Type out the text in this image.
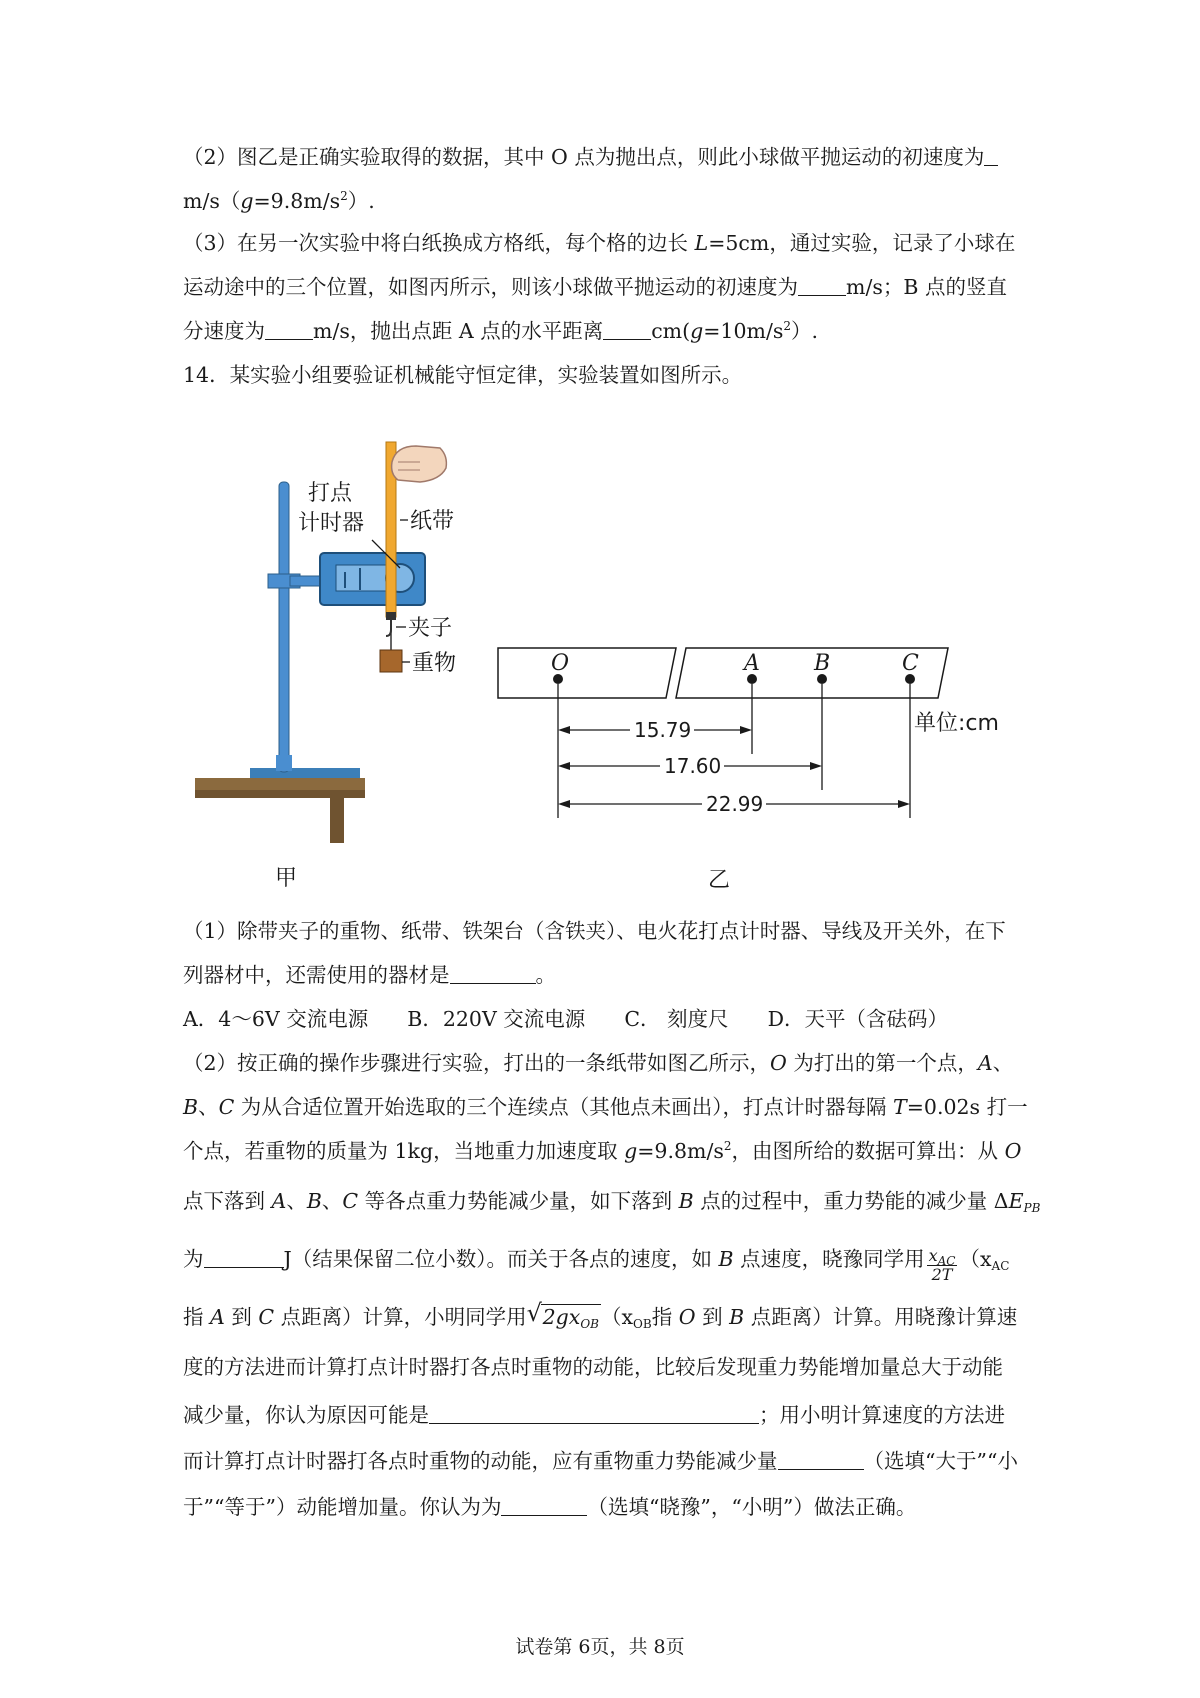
（2）图乙是正确实验取得的数据，其中 O 点为抛出点，则此小球做平抛运动的初速度为
$m/s(g=9.8m/s^2)$.
（3）在另一次实验中将白纸换成方格纸，每个格的边长 L=5cm，通过实验，记录了小球在
运动途中的三个位置，如图丙所示，则该小球做平抛运动的初速度为 m/s；B 点的竖直
分速度为 m/s，抛出点距 A 点的水平距离 $cm(g=10m/s^2)$.
14．某实验小组要验证机械能守恒定律，实验装置如图所示。
打点
计时器 纸带
夹子
重物	O	A B	C
15.79
17.60
22.99
单位:cm
甲	乙
（1）除带夹子的重物、纸带、铁架台（含铁夹）、电火花打点计时器、导线及开关外，在下
列器材中，还需使用的器材是	。
A．4～6V 交流电源 B．220V 交流电源 C． 刻度尺 D．天平（含砝码）
（2）按正确的操作步骤进行实验，打出的一条纸带如图乙所示，O 为打出的第一个点，A、
B、C 为从合适位置开始选取的三个连续点（其他点未画出），打点计时器每隔 T=0.02s 打一
个点，若重物的质量为 1kg，当地重力加速度取 $g=9.8m/s^2$，由图所给的数据可算出：从 O
点下落到 A、B、C 等各点重力势能减少量，如下落到 B 点的过程中，重力势能的减少量 $\Delta E_{PB}$
为	J（结果保留二位小数）。而关于各点的速度，如 B 点速度，晓豫同学用 $\frac{x_{AC}}{2T} (x_{AC}$
指 A 到 C 点距离）计算，小明同学用√ $2gx_{OB}(x_{OB}$指 O 到 B 点距离）计算。用晓豫计算速
度的方法进而计算打点计时器打各点时重物的动能，比较后发现重力势能增加量总大于动能
减少量，你认为原因可能是	；用小明计算速度的方法进
而计算打点计时器打各点时重物的动能，应有重物重力势能减少量	（选填“大于”“小
于”“等于”）动能增加量。你认为为	（选填“晓豫”，“小明”）做法正确。
试卷第 6页，共 8页
